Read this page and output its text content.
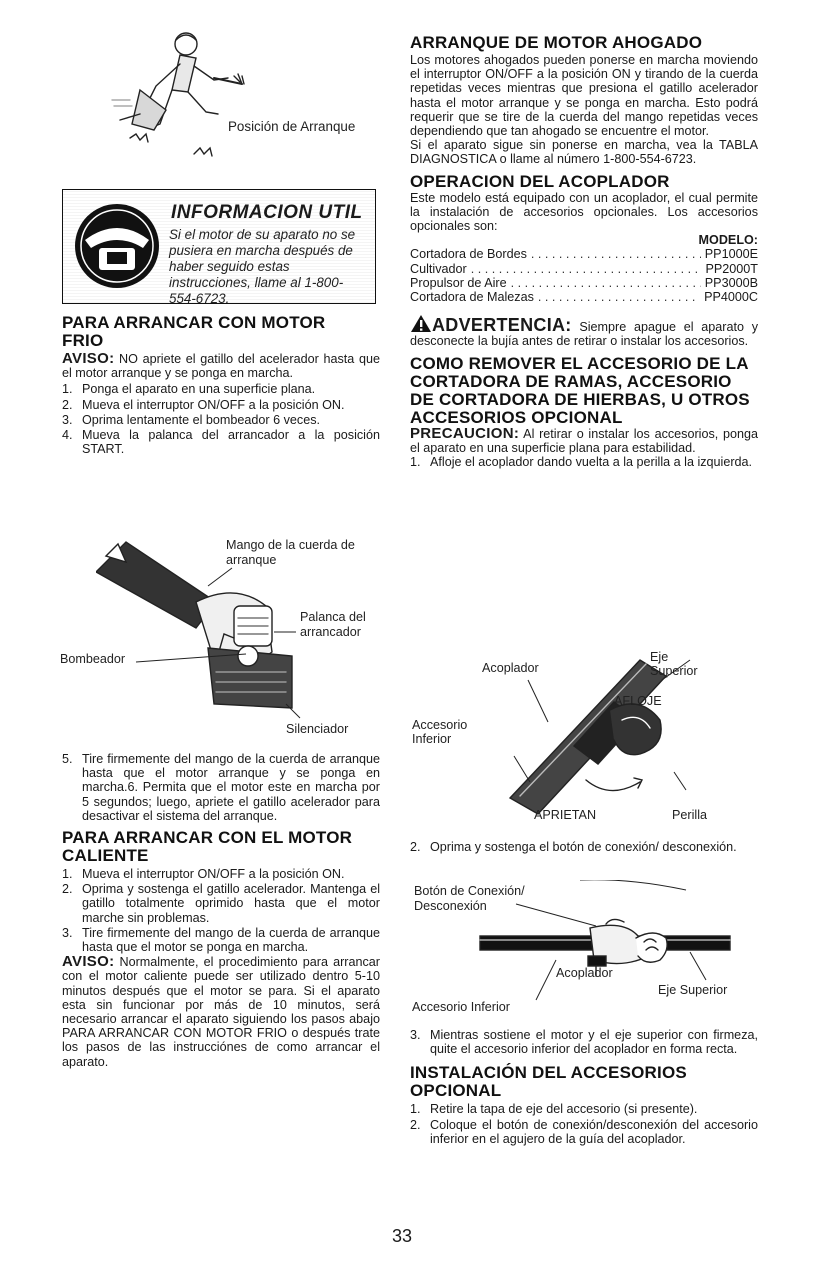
Posición de Arranque
INFORMACION UTIL
Si el motor de su aparato no se pusiera en marcha después de haber seguido estas instrucciones, llame al 1-800-554-6723.
PARA ARRANCAR CON MOTOR FRIO

AVISO: NO apriete el gatillo del acelerador hasta que el motor arranque y se ponga en marcha.

1. Ponga el aparato en una superficie plana.
2. Mueva el interruptor ON/OFF a la posición ON.
3. Oprima lentamente el bombeador 6 veces.
4. Mueva la palanca del arrancador a la posición START.
Mango de la cuerda de arranque
Palanca del arrancador
Bombeador
Silenciador
5. Tire firmemente del mango de la cuerda de arranque hasta que el motor arranque y se ponga en marcha.6. Permita que el motor este en marcha por 5 segundos; luego, apriete el gatillo acelerador para desactivar el sistema del arranque.
PARA ARRANCAR CON EL MOTOR CALIENTE
1. Mueva el interruptor ON/OFF a la posición ON.
2. Oprima y sostenga el gatillo acelerador. Mantenga el gatillo totalmente oprimido hasta que el motor marche sin problemas.
3. Tire firmemente del mango de la cuerda de arranque hasta que el motor se ponga en marcha.

AVISO: Normalmente, el procedimiento para arrancar con el motor caliente puede ser utilizado dentro 5-10 minutos después que el motor se para. Si el aparato esta sin funcionar por más de 10 minutos, será necesario arrancar el aparato siguiendo los pasos abajo PARA ARRANCAR CON MOTOR FRIO o después trate los pasos de las instrucciónes de como arrancar el aparato.

ARRANQUE DE MOTOR AHOGADO

Los motores ahogados pueden ponerse en marcha moviendo el interruptor ON/OFF a la posición ON y tirando de la cuerda repetidas veces mientras que presiona el gatillo acelerador hasta el motor arranque y se ponga en marcha. Esto podrá requerir que se tire de la cuerda del mango repetidas veces dependiendo que tan ahogado se encuentre el motor.

Si el aparato sigue sin ponerse en marcha, vea la TABLA DIAGNOSTICA o llame al número 1-800-554-6723.

OPERACION DEL ACOPLADOR

Este modelo está equipado con un acoplador, el cual permite la instalación de accesorios opcionales. Los accesorios opcionales son:

MODELO:
Cortadora de Bordes . . .	PP1000E
Cultivador . . .	PP2000T
Propulsor de Aire . . .	PP3000B
Cortadora de Malezas . . .	PP4000C

ADVERTENCIA: Siempre apague el aparato y desconecte la bujía antes de retirar o instalar los accesorios.

COMO REMOVER EL ACCESORIO DE LA CORTADORA DE RAMAS, ACCESORIO DE CORTADORA DE HIERBAS, U OTROS ACCESORIOS OPCIONAL

PRECAUCION: Al retirar o instalar los accesorios, ponga el aparato en una superficie plana para estabilidad.

1. Afloje el acoplador dando vuelta a la perilla a la izquierda.
Acoplador
Eje Superior
AFLOJE
Accesorio Inferior
APRIETAN	Perilla
2. Oprima y sostenga el botón de conexión/ desconexión.
Botón de Conexión/ Desconexión
Acoplador
Eje Superior
Accesorio Inferior
3. Mientras sostiene el motor y el eje superior con firmeza, quite el accesorio inferior del acoplador en forma recta.
INSTALACIÓN DEL ACCESORIOS OPCIONAL
1. Retire la tapa de eje del accesorio (si presente).
2. Coloque el botón de conexión/desconexión del accesorio inferior en el agujero de la guía del acoplador.
33
